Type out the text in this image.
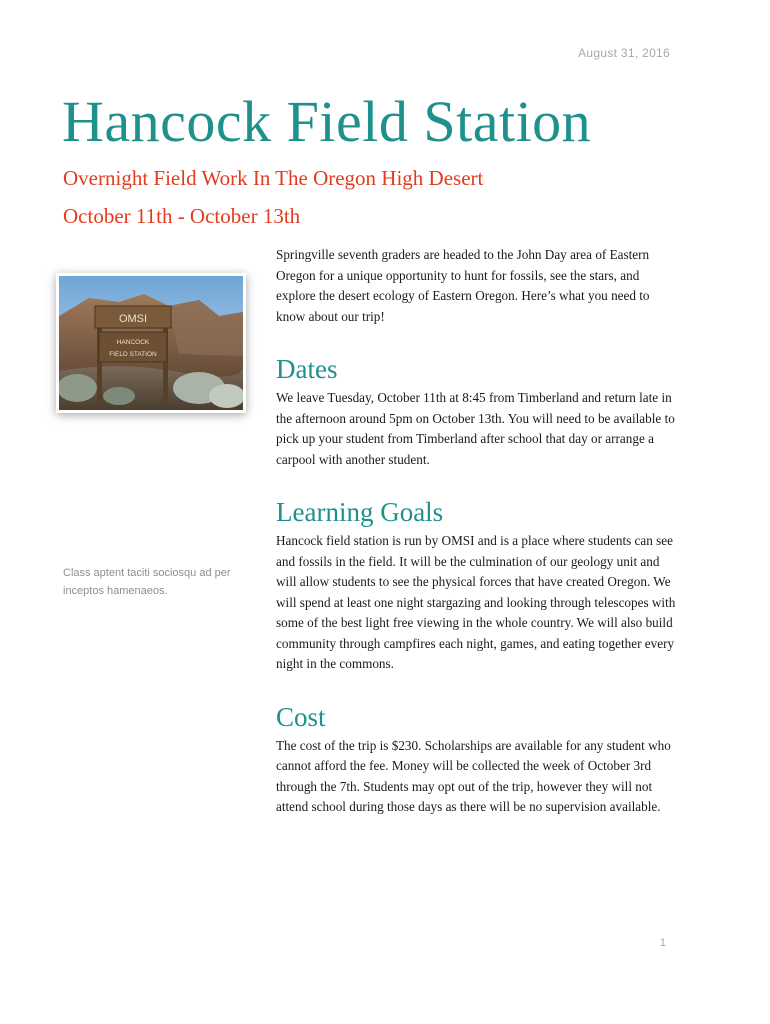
August 31, 2016
Hancock Field Station
Overnight Field Work In The Oregon High Desert
October 11th - October 13th
OMSI
HANCOCK
FIELD STATION
Class aptent taciti sociosqu ad per inceptos hamenaeos.

Springville seventh graders are headed to the John Day area of Eastern Oregon for a unique opportunity to hunt for fossils, see the stars, and explore the desert ecology of Eastern Oregon. Here’s what you need to know about our trip!

Dates

We leave Tuesday, October 11th at 8:45 from Timberland and return late in the afternoon around 5pm on October 13th. You will need to be available to pick up your student from Timberland after school that day or arrange a carpool with another student.

Learning Goals

Hancock field station is run by OMSI and is a place where students can see and fossils in the field. It will be the culmination of our geology unit and will allow students to see the physical forces that have created Oregon. We will spend at least one night stargazing and looking through telescopes with some of the best light free viewing in the whole country. We will also build community through campfires each night, games, and eating together every night in the commons.

Cost

The cost of the trip is $230. Scholarships are available for any student who cannot afford the fee. Money will be collected the week of October 3rd through the 7th. Students may opt out of the trip, however they will not attend school during those days as there will be no supervision available.

1
